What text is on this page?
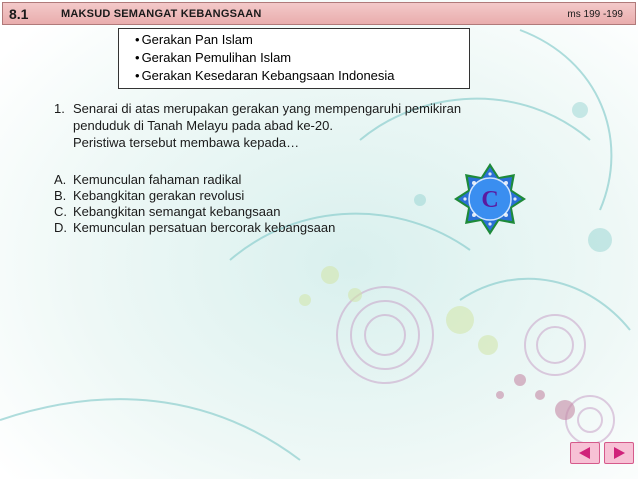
8.1	MAKSUD SEMANGAT KEBANGSAAN	ms 199 -199
• Gerakan Pan Islam
• Gerakan Pemulihan Islam
• Gerakan Kesedaran Kebangsaan Indonesia
1. Senarai di atas merupakan gerakan yang mempengaruhi pemikiran
penduduk di Tanah Melayu pada abad ke-20.
Peristiwa tersebut membawa kepada…
A. Kemunculan fahaman radikal
B. Kebangkitan gerakan revolusi
C. Kebangkitan semangat kebangsaan
D. Kemunculan persatuan bercorak kebangsaan
C
